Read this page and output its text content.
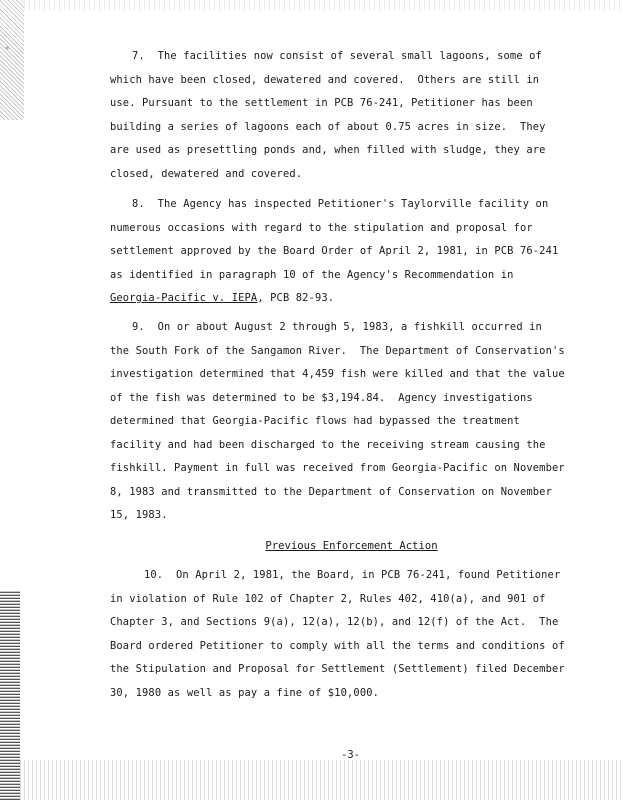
7.  The facilities now consist of several small lagoons, some of which have been closed, dewatered and covered.  Others are still in use. Pursuant to the settlement in PCB 76-241, Petitioner has been building a series of lagoons each of about 0.75 acres in size.  They are used as presettling ponds and, when filled with sludge, they are closed, dewatered and covered.

8.  The Agency has inspected Petitioner's Taylorville facility on numerous occasions with regard to the stipulation and proposal for settlement approved by the Board Order of April 2, 1981, in PCB 76-241 as identified in paragraph 10 of the Agency's Recommendation in Georgia-Pacific v. IEPA, PCB 82-93.

9.  On or about August 2 through 5, 1983, a fishkill occurred in the South Fork of the Sangamon River.  The Department of Conservation's investigation determined that 4,459 fish were killed and that the value of the fish was determined to be $3,194.84.  Agency investigations determined that Georgia-Pacific flows had bypassed the treatment facility and had been discharged to the receiving stream causing the fishkill. Payment in full was received from Georgia-Pacific on November 8, 1983 and transmitted to the Department of Conservation on November 15, 1983.

Previous Enforcement Action

10.  On April 2, 1981, the Board, in PCB 76-241, found Petitioner in violation of Rule 102 of Chapter 2, Rules 402, 410(a), and 901 of Chapter 3, and Sections 9(a), 12(a), 12(b), and 12(f) of the Act.  The Board ordered Petitioner to comply with all the terms and conditions of the Stipulation and Proposal for Settlement (Settlement) filed December 30, 1980 as well as pay a fine of $10,000.

-3-
